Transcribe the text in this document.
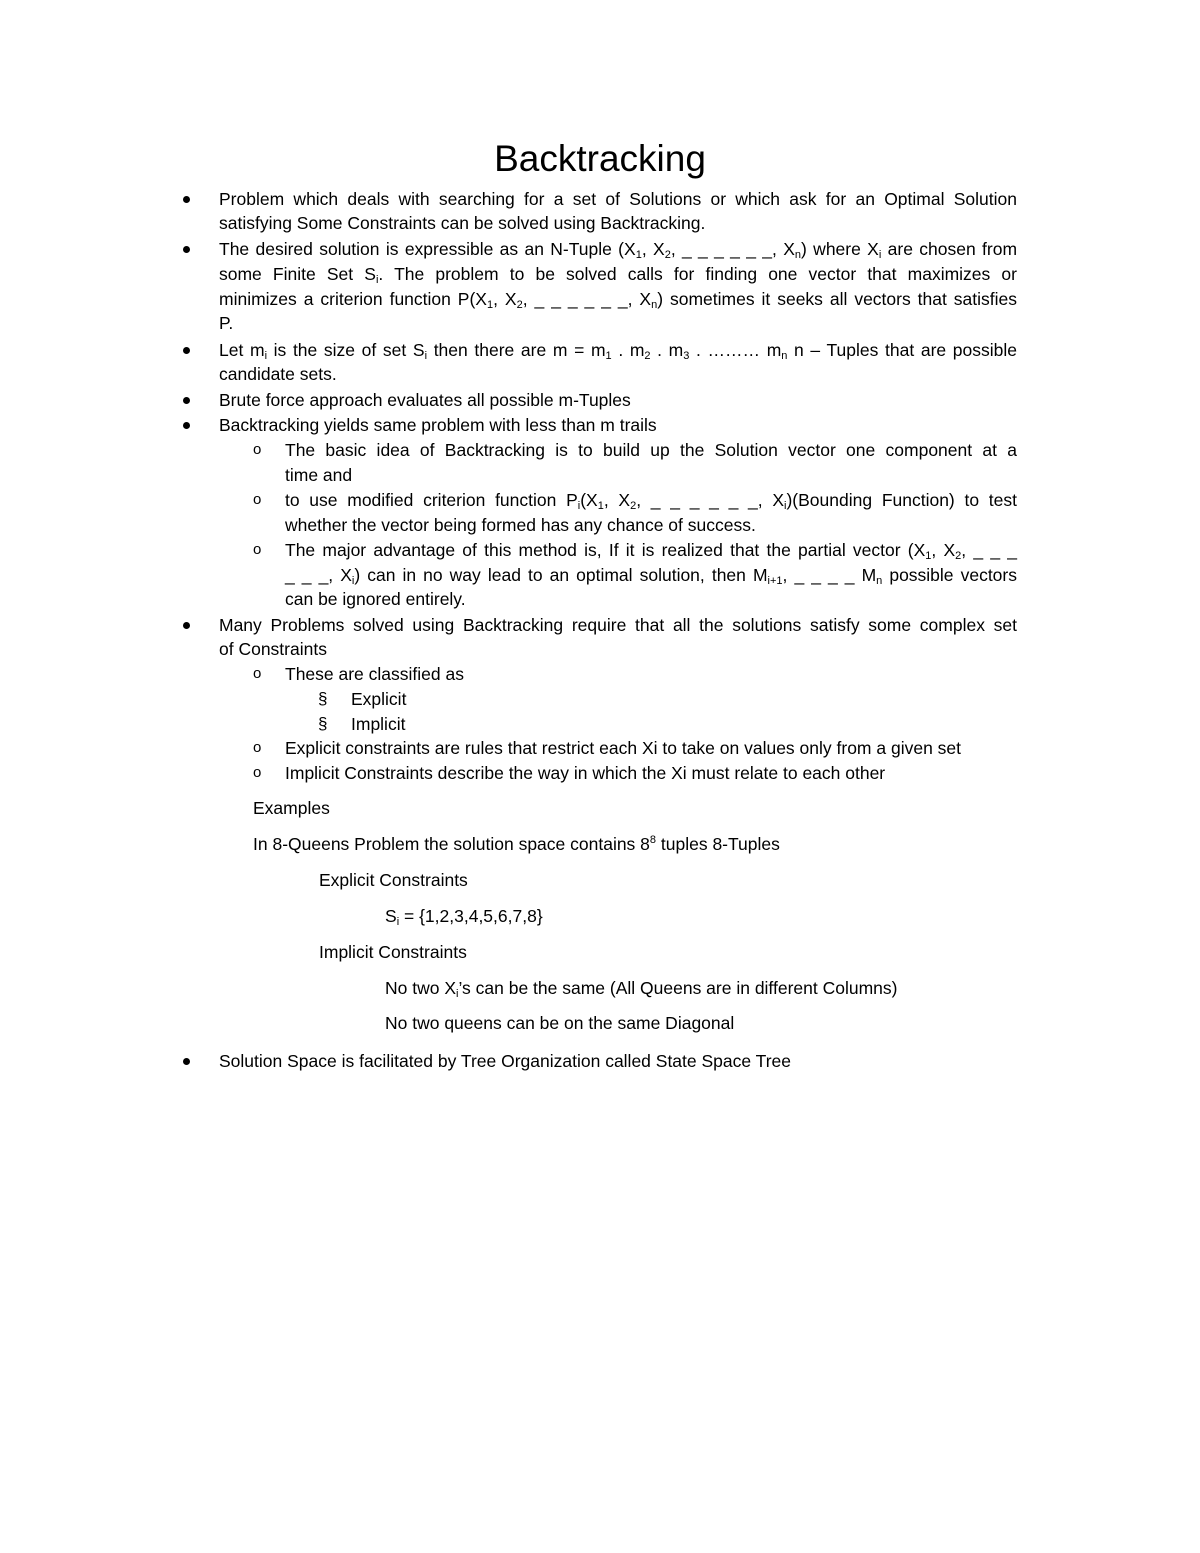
Backtracking
Problem which deals with searching for a set of Solutions or which ask for an Optimal Solution
satisfying Some Constraints can be solved using Backtracking.
The desired solution is expressible as an N-Tuple ($X_1$, $X_2$, _ _ _ _ _ _, $X_n$) where $X_i$ are chosen from
some Finite Set $S_i$. The problem to be solved calls for finding one vector that maximizes or
minimizes a criterion function $P(X_1$, $X_2$, _ _ _ _ _ _, $X_n$) sometimes it seeks all vectors that satisfies
P.
Let $m_i$ is the size of set $S_i$ then there are $m = m_1$ . $m_2$ . $m_3$ . ……… $m_n$ n – Tuples that are possible
candidate sets.
Brute force approach evaluates all possible m-Tuples
Backtracking yields same problem with less than m trails
o The basic idea of Backtracking is to build up the Solution vector one component at a
time and
o to use modified criterion function $P_i(X_1$, $X_2$, _ _ _ _ _ _, $X_i)(Bounding$ Function) to test
whether the vector being formed has any chance of success.
o The major advantage of this method is, If it is realized that the partial vector ($X_1$, $X_2$, _ _ _
_ _ _, $X_i$) can in no way lead to an optimal solution, then $M_{i+1}$, _ _ _ _ $M_n$ possible vectors
can be ignored entirely.
Many Problems solved using Backtracking require that all the solutions satisfy some complex set
of Constraints
o These are classified as
§ Explicit
§ Implicit
o Explicit constraints are rules that restrict each Xi to take on values only from a given set
o Implicit Constraints describe the way in which the Xi must relate to each other
Examples
In 8-Queens Problem the solution space contains $8^8$ tuples 8-Tuples
Explicit Constraints
$S_i = \{1,2,3,4,5,6,7,8\}$
Implicit Constraints
No two $X_i’s$ can be the same (All Queens are in different Columns)
No two queens can be on the same Diagonal
Solution Space is facilitated by Tree Organization called State Space Tree
